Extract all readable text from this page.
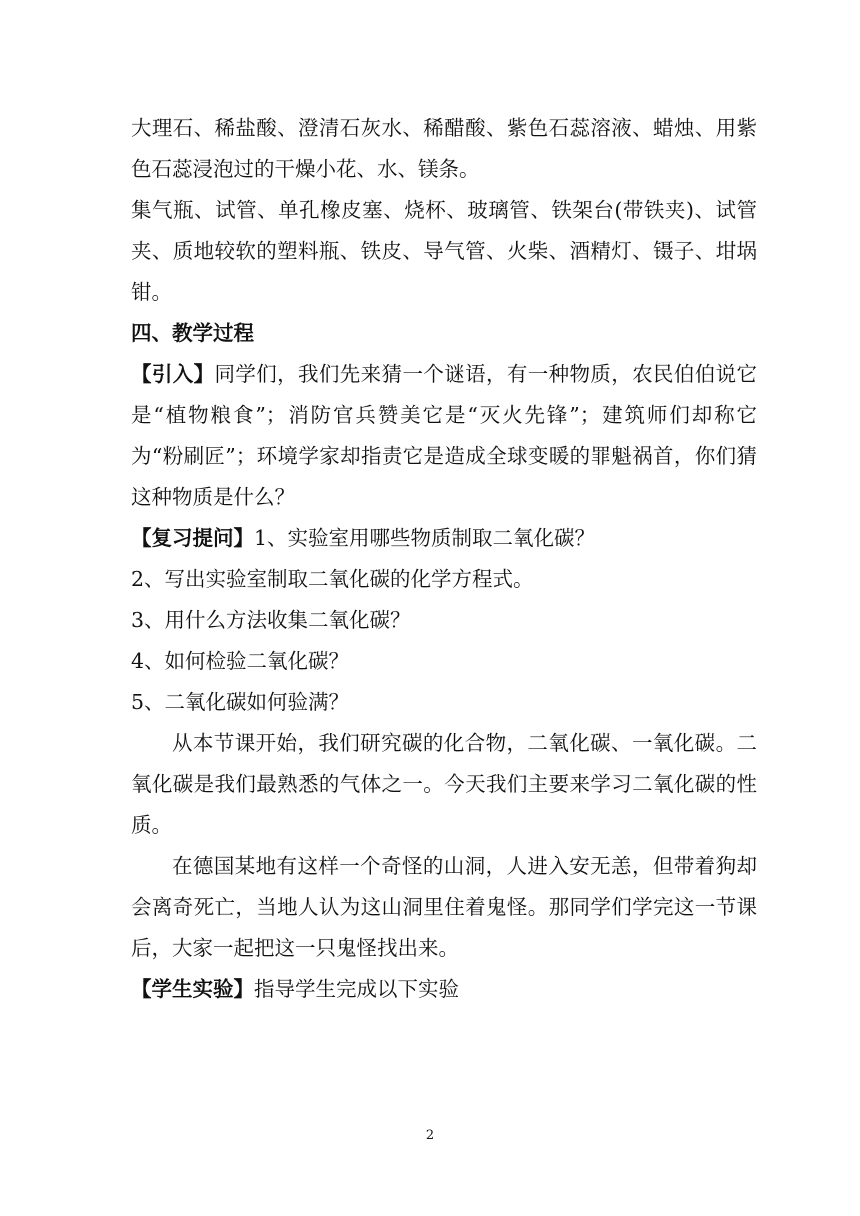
大理石、稀盐酸、澄清石灰水、稀醋酸、紫色石蕊溶液、蜡烛、用紫色石蕊浸泡过的干燥小花、水、镁条。

集气瓶、试管、单孔橡皮塞、烧杯、玻璃管、铁架台(带铁夹)、试管夹、质地较软的塑料瓶、铁皮、导气管、火柴、酒精灯、镊子、坩埚钳。

四、教学过程

【引入】同学们，我们先来猜一个谜语，有一种物质，农民伯伯说它是“植物粮食”；消防官兵赞美它是“灭火先锋”；建筑师们却称它为“粉刷匠”；环境学家却指责它是造成全球变暖的罪魁祸首，你们猜这种物质是什么？

【复习提问】1、实验室用哪些物质制取二氧化碳？

2、写出实验室制取二氧化碳的化学方程式。

3、用什么方法收集二氧化碳？

4、如何检验二氧化碳？

5、二氧化碳如何验满？

从本节课开始，我们研究碳的化合物，二氧化碳、一氧化碳。二氧化碳是我们最熟悉的气体之一。今天我们主要来学习二氧化碳的性质。

在德国某地有这样一个奇怪的山洞，人进入安无恙，但带着狗却会离奇死亡，当地人认为这山洞里住着鬼怪。那同学们学完这一节课后，大家一起把这一只鬼怪找出来。

【学生实验】指导学生完成以下实验

2
